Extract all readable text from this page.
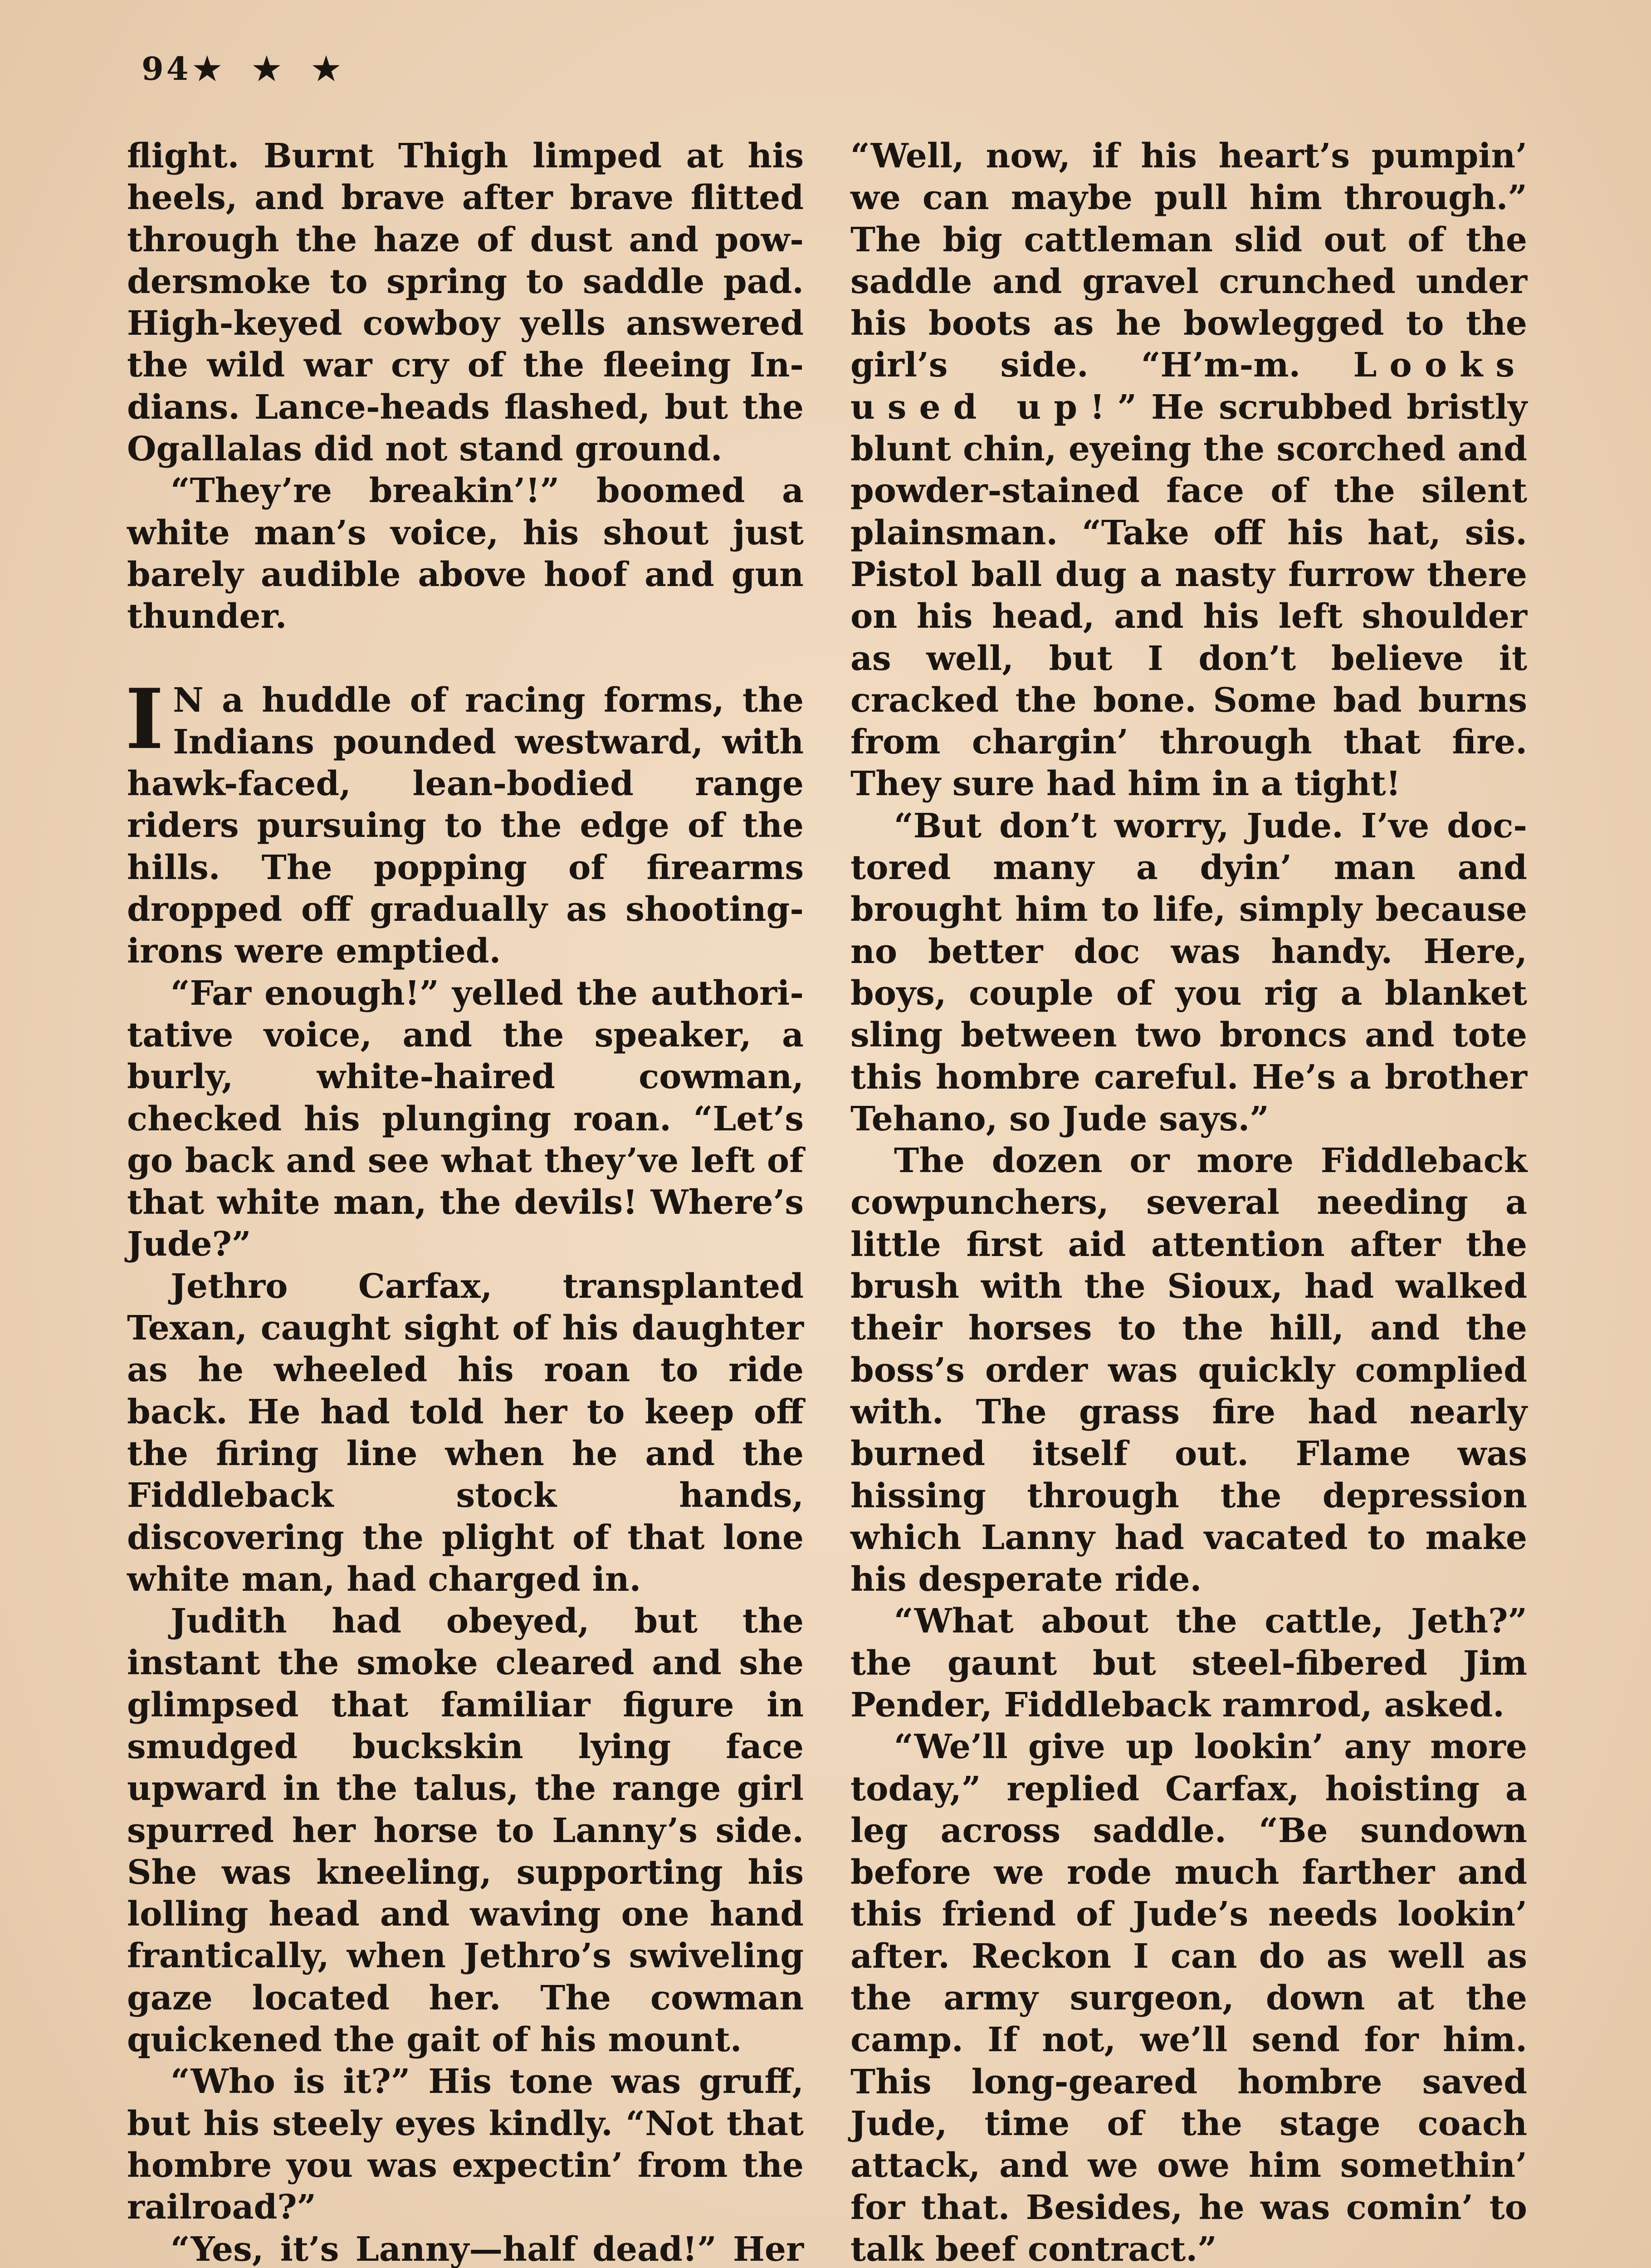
94★ ★ ★

flight. Burnt Thigh limped at his heels, and brave after brave flitted through the haze of dust and powdersmoke to spring to saddle pad. High-keyed cowboy yells answered the wild war cry of the fleeing Indians. Lance-heads flashed, but the Ogallalas did not stand ground.

“They’re breakin’!” boomed a white man’s voice, his shout just barely audible above hoof and gun thunder.

I N a huddle of racing forms, the Indians pounded westward, with hawk-faced, lean-bodied range riders pursuing to the edge of the hills. The popping of firearms dropped off gradually as shooting-irons were emptied.

“Far enough!” yelled the authoritative voice, and the speaker, a burly, white-haired cowman, checked his plunging roan. “Let’s go back and see what they’ve left of that white man, the devils! Where’s Jude?”

Jethro Carfax, transplanted Texan, caught sight of his daughter as he wheeled his roan to ride back. He had told her to keep off the firing line when he and the Fiddleback stock hands, discovering the plight of that lone white man, had charged in.

Judith had obeyed, but the instant the smoke cleared and she glimpsed that familiar figure in smudged buckskin lying face upward in the talus, the range girl spurred her horse to Lanny’s side. She was kneeling, supporting his lolling head and waving one hand frantically, when Jethro’s swiveling gaze located her. The cowman quickened the gait of his mount.

“Who is it?” His tone was gruff, but his steely eyes kindly. “Not that hombre you was expectin’ from the railroad?”

“Yes, it’s Lanny—half dead!” Her

“Well, now, if his heart’s pumpin’ we can maybe pull him through.” The big cattleman slid out of the saddle and gravel crunched under his boots as he bowlegged to the girl’s side. “H’m-m. Looks used up!” He scrubbed bristly blunt chin, eyeing the scorched and powder-stained face of the silent plainsman. “Take off his hat, sis. Pistol ball dug a nasty furrow there on his head, and his left shoulder as well, but I don’t believe it cracked the bone. Some bad burns from chargin’ through that fire. They sure had him in a tight!

“But don’t worry, Jude. I’ve doctored many a dyin’ man and brought him to life, simply because no better doc was handy. Here, boys, couple of you rig a blanket sling between two broncs and tote this hombre careful. He’s a brother Tehano, so Jude says.”

The dozen or more Fiddleback cowpunchers, several needing a little first aid attention after the brush with the Sioux, had walked their horses to the hill, and the boss’s order was quickly complied with. The grass fire had nearly burned itself out. Flame was hissing through the depression which Lanny had vacated to make his desperate ride.

“What about the cattle, Jeth?” the gaunt but steel-fibered Jim Pender, Fiddleback ramrod, asked.

“We’ll give up lookin’ any more today,” replied Carfax, hoisting a leg across saddle. “Be sundown before we rode much farther and this friend of Jude’s needs lookin’ after. Reckon I can do as well as the army surgeon, down at the camp. If not, we’ll send for him. This long-geared hombre saved Jude, time of the stage coach attack, and we owe him somethin’ for that. Besides, he was comin’ to talk beef contract.”
